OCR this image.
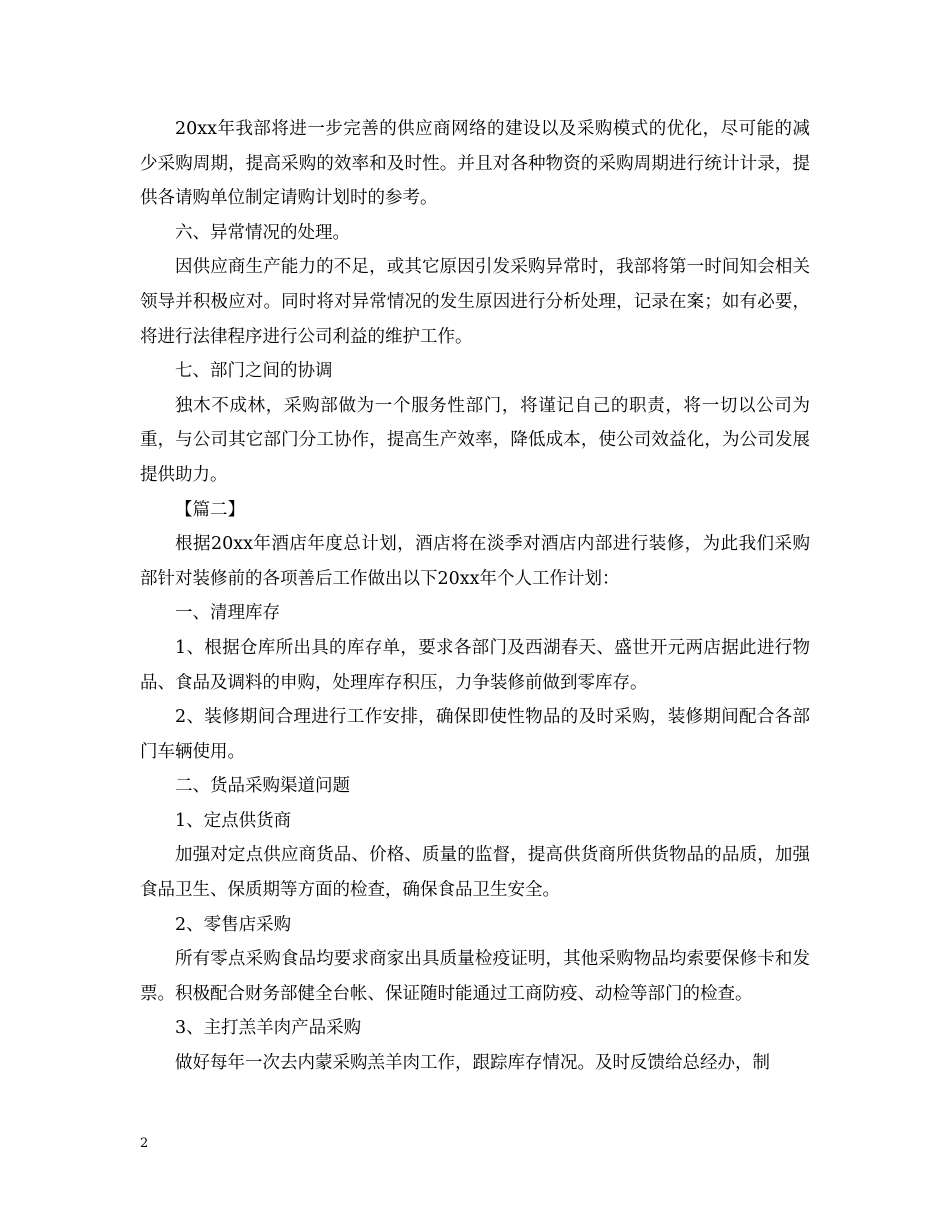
20xx年我部将进一步完善的供应商网络的建设以及采购模式的优化，尽可能的减少采购周期，提高采购的效率和及时性。并且对各种物资的采购周期进行统计计录，提供各请购单位制定请购计划时的参考。

六、异常情况的处理。

因供应商生产能力的不足，或其它原因引发采购异常时，我部将第一时间知会相关领导并积极应对。同时将对异常情况的发生原因进行分析处理，记录在案；如有必要，将进行法律程序进行公司利益的维护工作。

七、部门之间的协调

独木不成林，采购部做为一个服务性部门，将谨记自己的职责，将一切以公司为重，与公司其它部门分工协作，提高生产效率，降低成本，使公司效益化，为公司发展提供助力。

【篇二】

根据20xx年酒店年度总计划，酒店将在淡季对酒店内部进行装修，为此我们采购部针对装修前的各项善后工作做出以下20xx年个人工作计划：

一、清理库存

1、根据仓库所出具的库存单，要求各部门及西湖春天、盛世开元两店据此进行物品、食品及调料的申购，处理库存积压，力争装修前做到零库存。

2、装修期间合理进行工作安排，确保即使性物品的及时采购，装修期间配合各部门车辆使用。

二、货品采购渠道问题

1、定点供货商

加强对定点供应商货品、价格、质量的监督，提高供货商所供货物品的品质，加强食品卫生、保质期等方面的检查，确保食品卫生安全。

2、零售店采购

所有零点采购食品均要求商家出具质量检疫证明，其他采购物品均索要保修卡和发票。积极配合财务部健全台帐、保证随时能通过工商防疫、动检等部门的检查。

3、主打羔羊肉产品采购

做好每年一次去内蒙采购羔羊肉工作，跟踪库存情况。及时反馈给总经办，制

2
